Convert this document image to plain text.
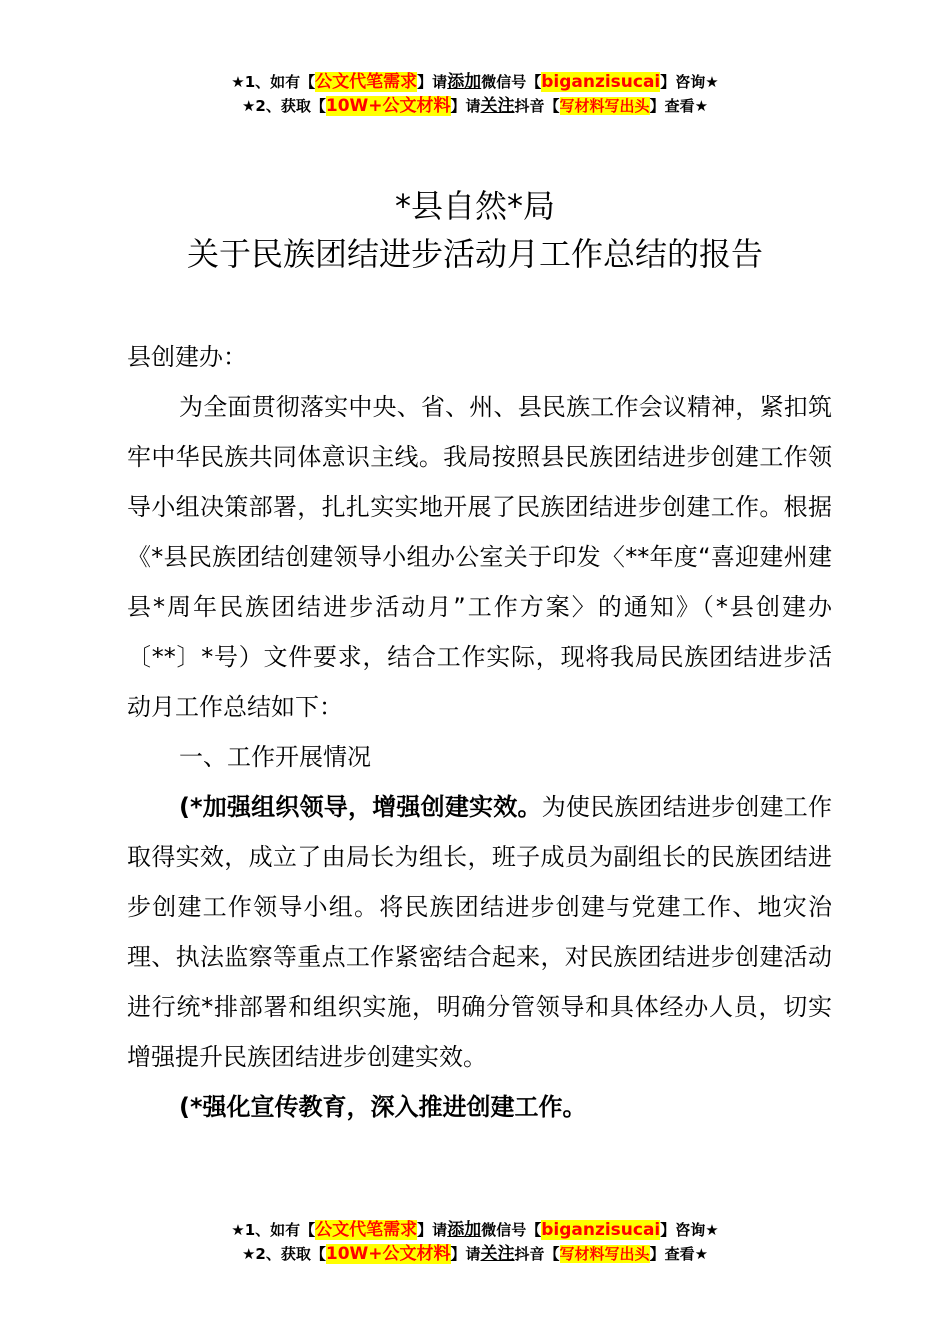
★1、如有【公文代笔需求】请添加微信号【biganzisucai】咨询★
★2、获取【10W+公文材料】请关注抖音【写材料写出头】查看★
*县自然*局
关于民族团结进步活动月工作总结的报告

县创建办：

为全面贯彻落实中央、省、州、县民族工作会议精神，紧扣筑牢中华民族共同体意识主线。我局按照县民族团结进步创建工作领导小组决策部署，扎扎实实地开展了民族团结进步创建工作。根据《*县民族团结创建领导小组办公室关于印发〈**年度“喜迎建州建县*周年民族团结进步活动月”工作方案〉的通知》（*县创建办〔**〕*号）文件要求，结合工作实际，现将我局民族团结进步活动月工作总结如下：

一、工作开展情况

(*加强组织领导，增强创建实效。为使民族团结进步创建工作取得实效，成立了由局长为组长，班子成员为副组长的民族团结进步创建工作领导小组。将民族团结进步创建与党建工作、地灾治理、执法监察等重点工作紧密结合起来，对民族团结进步创建活动进行统*排部署和组织实施，明确分管领导和具体经办人员，切实增强提升民族团结进步创建实效。

(*强化宣传教育，深入推进创建工作。

★1、如有【公文代笔需求】请添加微信号【biganzisucai】咨询★
★2、获取【10W+公文材料】请关注抖音【写材料写出头】查看★
